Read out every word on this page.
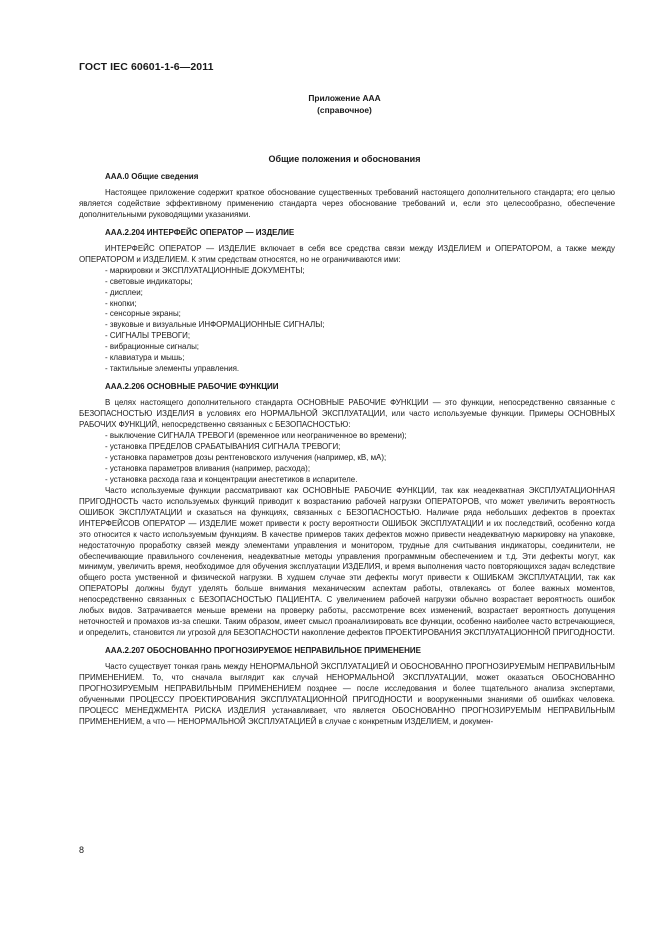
ГОСТ IEC 60601-1-6—2011
Приложение AAA
(справочное)
Общие положения и обоснования
AAA.0 Общие сведения

Настоящее приложение содержит краткое обоснование существенных требований настоящего дополнительного стандарта; его целью является содействие эффективному применению стандарта через обоснование требований и, если это целесообразно, обеспечение дополнительными руководящими указаниями.

AAA.2.204 ИНТЕРФЕЙС ОПЕРАТОР — ИЗДЕЛИЕ

ИНТЕРФЕЙС ОПЕРАТОР — ИЗДЕЛИЕ включает в себя все средства связи между ИЗДЕЛИЕМ и ОПЕРАТОРОМ, а также между ОПЕРАТОРОМ и ИЗДЕЛИЕМ. К этим средствам относятся, но не ограничиваются ими:

- маркировки и ЭКСПЛУАТАЦИОННЫЕ ДОКУМЕНТЫ;
- световые индикаторы;
- дисплеи;
- кнопки;
- сенсорные экраны;
- звуковые и визуальные ИНФОРМАЦИОННЫЕ СИГНАЛЫ;
- СИГНАЛЫ ТРЕВОГИ;
- вибрационные сигналы;
- клавиатура и мышь;
- тактильные элементы управления.
AAA.2.206 ОСНОВНЫЕ РАБОЧИЕ ФУНКЦИИ

В целях настоящего дополнительного стандарта ОСНОВНЫЕ РАБОЧИЕ ФУНКЦИИ — это функции, непосредственно связанные с БЕЗОПАСНОСТЬЮ ИЗДЕЛИЯ в условиях его НОРМАЛЬНОЙ ЭКСПЛУАТАЦИИ, или часто используемые функции. Примеры ОСНОВНЫХ РАБОЧИХ ФУНКЦИЙ, непосредственно связанных с БЕЗОПАСНОСТЬЮ:

- выключение СИГНАЛА ТРЕВОГИ (временное или неограниченное во времени);
- установка ПРЕДЕЛОВ СРАБАТЫВАНИЯ СИГНАЛА ТРЕВОГИ;
- установка параметров дозы рентгеновского излучения (например, кВ, мА);
- установка параметров вливания (например, расхода);
- установка расхода газа и концентрации анестетиков в испарителе.

Часто используемые функции рассматривают как ОСНОВНЫЕ РАБОЧИЕ ФУНКЦИИ, так как неадекватная ЭКСПЛУАТАЦИОННАЯ ПРИГОДНОСТЬ часто используемых функций приводит к возрастанию рабочей нагрузки ОПЕРАТОРОВ, что может увеличить вероятность ОШИБОК ЭКСПЛУАТАЦИИ и сказаться на функциях, связанных с БЕЗОПАСНОСТЬЮ. Наличие ряда небольших дефектов в проектах ИНТЕРФЕЙСОВ ОПЕРАТОР — ИЗДЕЛИЕ может привести к росту вероятности ОШИБОК ЭКСПЛУАТАЦИИ и их последствий, особенно когда это относится к часто используемым функциям. В качестве примеров таких дефектов можно привести неадекватную маркировку на упаковке, недостаточную проработку связей между элементами управления и монитором, трудные для считывания индикаторы, соединители, не обеспечивающие правильного сочленения, неадекватные методы управления программным обеспечением и т.д. Эти дефекты могут, как минимум, увеличить время, необходимое для обучения эксплуатации ИЗДЕЛИЯ, и время выполнения часто повторяющихся задач вследствие общего роста умственной и физической нагрузки. В худшем случае эти дефекты могут привести к ОШИБКАМ ЭКСПЛУАТАЦИИ, так как ОПЕРАТОРЫ должны будут уделять больше внимания механическим аспектам работы, отвлекаясь от более важных моментов, непосредственно связанных с БЕЗОПАСНОСТЬЮ ПАЦИЕНТА. С увеличением рабочей нагрузки обычно возрастает вероятность ошибок любых видов. Затрачивается меньше времени на проверку работы, рассмотрение всех изменений, возрастает вероятность допущения неточностей и промахов из-за спешки. Таким образом, имеет смысл проанализировать все функции, особенно наиболее часто встречающиеся, и определить, становится ли угрозой для БЕЗОПАСНОСТИ накопление дефектов ПРОЕКТИРОВАНИЯ ЭКСПЛУАТАЦИОННОЙ ПРИГОДНОСТИ.

AAA.2.207 ОБОСНОВАННО ПРОГНОЗИРУЕМОЕ НЕПРАВИЛЬНОЕ ПРИМЕНЕНИЕ

Часто существует тонкая грань между НЕНОРМАЛЬНОЙ ЭКСПЛУАТАЦИЕЙ И ОБОСНОВАННО ПРОГНОЗИРУЕМЫМ НЕПРАВИЛЬНЫМ ПРИМЕНЕНИЕМ. То, что сначала выглядит как случай НЕНОРМАЛЬНОЙ ЭКСПЛУАТАЦИИ, может оказаться ОБОСНОВАННО ПРОГНОЗИРУЕМЫМ НЕПРАВИЛЬНЫМ ПРИМЕНЕНИЕМ позднее — после исследования и более тщательного анализа экспертами, обученными ПРОЦЕССУ ПРОЕКТИРОВАНИЯ ЭКСПЛУАТАЦИОННОЙ ПРИГОДНОСТИ и вооруженными знаниями об ошибках человека. ПРОЦЕСС МЕНЕДЖМЕНТА РИСКА ИЗДЕЛИЯ устанавливает, что является ОБОСНОВАННО ПРОГНОЗИРУЕМЫМ НЕПРАВИЛЬНЫМ ПРИМЕНЕНИЕМ, а что — НЕНОРМАЛЬНОЙ ЭКСПЛУАТАЦИЕЙ в случае с конкретным ИЗДЕЛИЕМ, и докумен-

8
